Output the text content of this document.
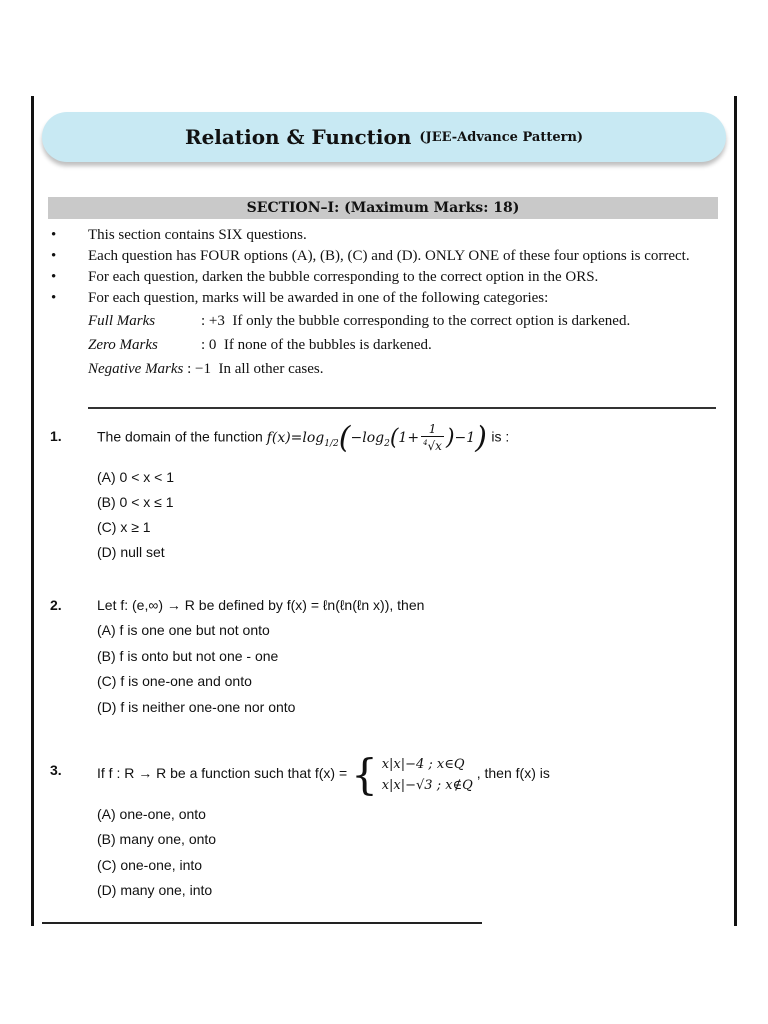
Relation & Function (JEE-Advance Pattern)
SECTION–I: (Maximum Marks: 18)
• This section contains SIX questions.
• Each question has FOUR options (A), (B), (C) and (D). ONLY ONE of these four options is correct.
• For each question, darken the bubble corresponding to the correct option in the ORS.
• For each question, marks will be awarded in one of the following categories:
Full Marks	: +3 If only the bubble corresponding to the correct option is darkened.
Zero Marks	: 0 If none of the bubbles is darkened.
Negative Marks : −1 In all other cases.
1.	The domain of the function $f(x)=\log_{1/2}(-\log_2(1+ \frac{1}{^4√x} )-1)$ is :
(A) 0 < x < 1
(B) 0 < x ≤ 1
(C) x ≥ 1
(D) null set
2.	Let f: (e,∞) → R be defined by f(x) = ℓn(ℓn(ℓn x)), then
(A) f is one one but not onto
(B) f is onto but not one - one
(C) f is one-one and onto
(D) f is neither one-one nor onto
3.	If f : R → R be a function such that f(x) = { x|x|−4 ; x∈Q
x|x|−√3 ; x∉Q
, then f(x) is
(A) one-one, onto
(B) many one, onto
(C) one-one, into
(D) many one, into
